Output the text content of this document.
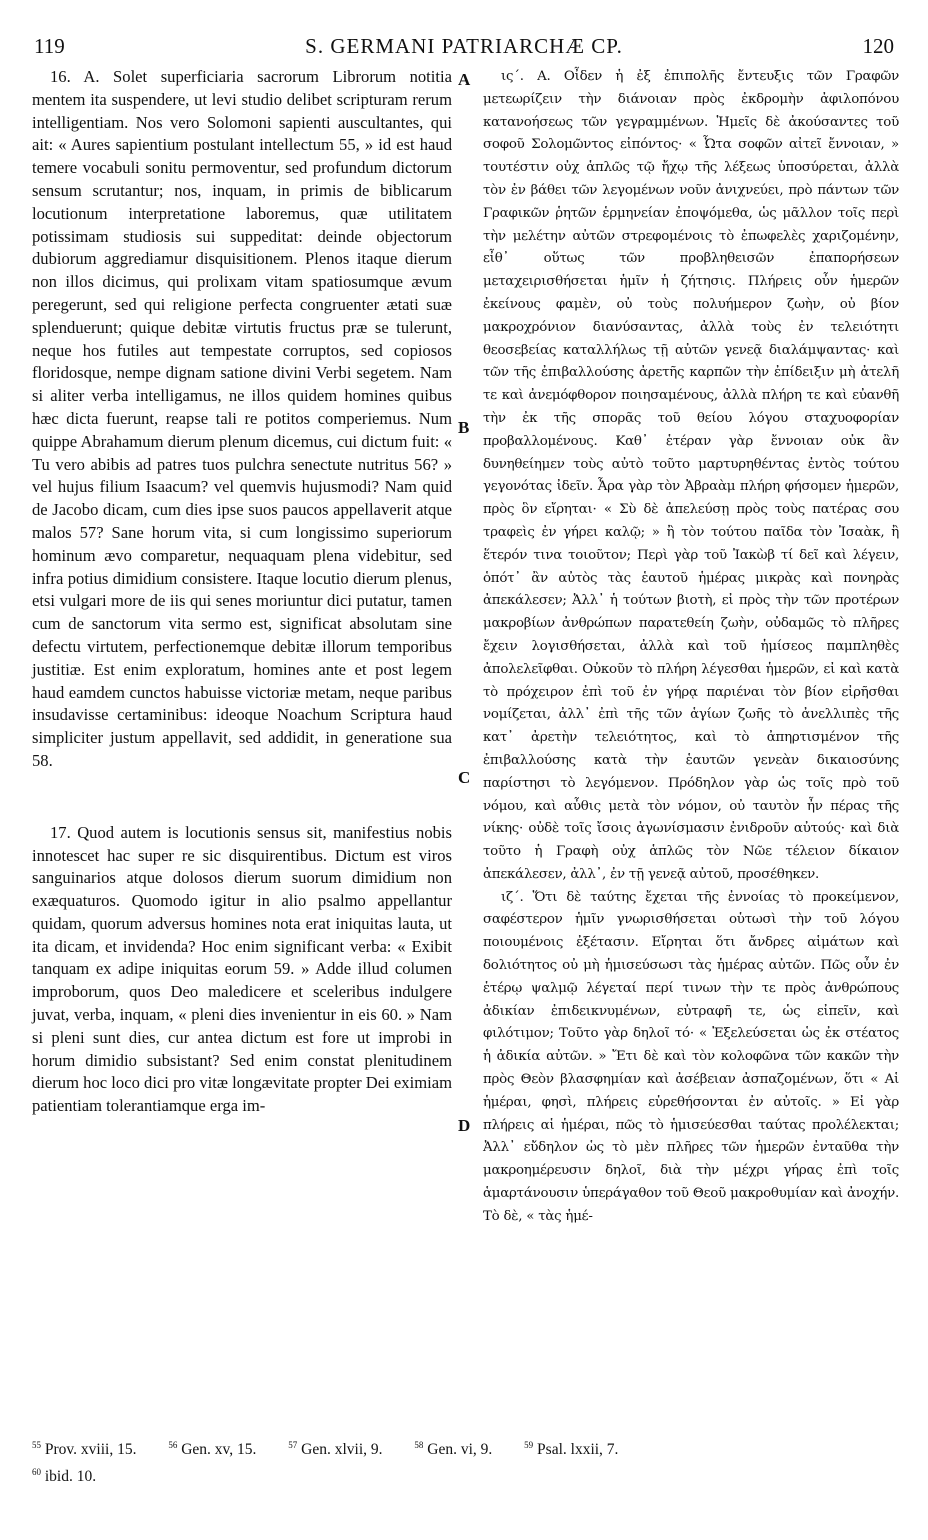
119	S. GERMANI PATRIARCHÆ CP.	120

16. A. Solet superficiaria sacrorum Librorum notitia mentem ita suspendere, ut levi studio delibet scripturam rerum intelligentiam. Nos vero Solomoni sapienti auscultantes, qui ait: « Aures sapientium postulant intellectum 55, » id est haud temere vocabuli sonitu permoventur, sed profundum dictorum sensum scrutantur; nos, inquam, in primis de biblicarum locutionum interpretatione laboremus, quæ utilitatem potissimam studiosis sui suppeditat: deinde objectorum dubiorum aggrediamur disquisitionem. Plenos itaque dierum non illos dicimus, qui prolixam vitam spatiosumque ævum peregerunt, sed qui religione perfecta congruenter ætati suæ splenduerunt; quique debitæ virtutis fructus præ se tulerunt, neque hos futiles aut tempestate corruptos, sed copiosos floridosque, nempe dignam satione divini Verbi segetem. Nam si aliter verba intelligamus, ne illos quidem homines quibus hæc dicta fuerunt, reapse tali re potitos comperiemus. Num quippe Abrahamum dierum plenum dicemus, cui dictum fuit: « Tu vero abibis ad patres tuos pulchra senectute nutritus 56? » vel hujus filium Isaacum? vel quemvis hujusmodi? Nam quid de Jacobo dicam, cum dies ipse suos paucos appellaverit atque malos 57? Sane horum vita, si cum longissimo superiorum hominum ævo comparetur, nequaquam plena videbitur, sed infra potius dimidium consistere. Itaque locutio dierum plenus, etsi vulgari more de iis qui senes moriuntur dici putatur, tamen cum de sanctorum vita sermo est, significat absolutam sine defectu virtutem, perfectionemque debitæ illorum temporibus justitiæ. Est enim exploratum, homines ante et post legem haud eamdem cunctos habuisse victoriæ metam, neque paribus insudavisse certaminibus: ideoque Noachum Scriptura haud simpliciter justum appellavit, sed addidit, in generatione sua 58.

17. Quod autem is locutionis sensus sit, manifestius nobis innotescet hac super re sic disquirentibus. Dictum est viros sanguinarios atque dolosos dierum suorum dimidium non exæquaturos. Quomodo igitur in alio psalmo appellantur quidam, quorum adversus homines nota erat iniquitas lauta, ut ita dicam, et invidenda? Hoc enim significant verba: « Exibit tanquam ex adipe iniquitas eorum 59. » Adde illud columen improborum, quos Deo maledicere et sceleribus indulgere juvat, verba, inquam, « pleni dies invenientur in eis 60. » Nam si pleni sunt dies, cur antea dictum est fore ut improbi in horum dimidio subsistant? Sed enim constat plenitudinem dierum hoc loco dici pro vitæ longævitate propter Dei eximiam patientiam tolerantiamque erga im-

A
B
C
D

ις΄. Α. Οἶδεν ἡ ἐξ ἐπιπολῆς ἔντευξις τῶν Γραφῶν μετεωρίζειν τὴν διάνοιαν πρὸς ἐκδρομὴν ἀφιλοπόνου κατανοήσεως τῶν γεγραμμένων. Ἡμεῖς δὲ ἀκούσαντες τοῦ σοφοῦ Σολομῶντος εἰπόντος· « Ὦτα σοφῶν αἰτεῖ ἔννοιαν, » τουτέστιν οὐχ ἁπλῶς τῷ ἤχῳ τῆς λέξεως ὑποσύρεται, ἀλλὰ τὸν ἐν βάθει τῶν λεγομένων νοῦν ἀνιχνεύει, πρὸ πάντων τῶν Γραφικῶν ῥητῶν ἑρμηνείαν ἐποψόμεθα, ὡς μᾶλλον τοῖς περὶ τὴν μελέτην αὐτῶν στρεφομένοις τὸ ἐπωφελὲς χαριζομένην, εἶθ᾽ οὕτως τῶν προβληθεισῶν ἐπαπορήσεων μεταχειρισθήσεται ἡμῖν ἡ ζήτησις. Πλήρεις οὖν ἡμερῶν ἐκείνους φαμὲν, οὐ τοὺς πολυήμερον ζωὴν, οὐ βίον μακροχρόνιον διανύσαντας, ἀλλὰ τοὺς ἐν τελειότητι θεοσεβείας καταλλήλως τῇ αὐτῶν γενεᾷ διαλάμψαντας· καὶ τῶν τῆς ἐπιβαλλούσης ἀρετῆς καρπῶν τὴν ἐπίδειξιν μὴ ἀτελῆ τε καὶ ἀνεμόφθορον ποιησαμένους, ἀλλὰ πλήρη τε καὶ εὐανθῆ τὴν ἐκ τῆς σπορᾶς τοῦ θείου λόγου σταχυοφορίαν προβαλλομένους. Καθ᾽ ἑτέραν γὰρ ἔννοιαν οὐκ ἂν δυνηθείημεν τοὺς αὐτὸ τοῦτο μαρτυρηθέντας ἐντὸς τούτου γεγονότας ἰδεῖν. Ἆρα γὰρ τὸν Ἀβραὰμ πλήρη φήσομεν ἡμερῶν, πρὸς ὃν εἴρηται· « Σὺ δὲ ἀπελεύσῃ πρὸς τοὺς πατέρας σου τραφεὶς ἐν γήρει καλῷ; » ἢ τὸν τούτου παῖδα τὸν Ἰσαὰκ, ἢ ἕτερόν τινα τοιοῦτον; Περὶ γὰρ τοῦ Ἰακὼβ τί δεῖ καὶ λέγειν, ὁπότ᾽ ἂν αὐτὸς τὰς ἑαυτοῦ ἡμέρας μικρὰς καὶ πονηρὰς ἀπεκάλεσεν; Ἀλλ᾽ ἡ τούτων βιοτὴ, εἰ πρὸς τὴν τῶν προτέρων μακροβίων ἀνθρώπων παρατεθείη ζωὴν, οὐδαμῶς τὸ πλῆρες ἔχειν λογισθήσεται, ἀλλὰ καὶ τοῦ ἡμίσεος παμπληθὲς ἀπολελεῖφθαι. Οὐκοῦν τὸ πλήρη λέγεσθαι ἡμερῶν, εἰ καὶ κατὰ τὸ πρόχειρον ἐπὶ τοῦ ἐν γήρᾳ παριέναι τὸν βίον εἰρῆσθαι νομίζεται, ἀλλ᾽ ἐπὶ τῆς τῶν ἁγίων ζωῆς τὸ ἀνελλιπὲς τῆς κατ᾽ ἀρετὴν τελειότητος, καὶ τὸ ἀπηρτισμένον τῆς ἐπιβαλλούσης κατὰ τὴν ἑαυτῶν γενεὰν δικαιοσύνης παρίστησι τὸ λεγόμενον. Πρόδηλον γὰρ ὡς τοῖς πρὸ τοῦ νόμου, καὶ αὖθις μετὰ τὸν νόμον, οὐ ταυτὸν ἦν πέρας τῆς νίκης· οὐδὲ τοῖς ἴσοις ἀγωνίσμασιν ἐνιδροῦν αὐτούς· καὶ διὰ τοῦτο ἡ Γραφὴ οὐχ ἁπλῶς τὸν Νῶε τέλειον δίκαιον ἀπεκάλεσεν, ἀλλ᾽, ἐν τῇ γενεᾷ αὐτοῦ, προσέθηκεν.

ιζ΄. Ὅτι δὲ ταύτης ἔχεται τῆς ἐννοίας τὸ προκείμενον, σαφέστερον ἡμῖν γνωρισθήσεται οὑτωσὶ τὴν τοῦ λόγου ποιουμένοις ἐξέτασιν. Εἴρηται ὅτι ἄνδρες αἱμάτων καὶ δολιότητος οὐ μὴ ἡμισεύσωσι τὰς ἡμέρας αὐτῶν. Πῶς οὖν ἐν ἑτέρῳ ψαλμῷ λέγεταί περί τινων τὴν τε πρὸς ἀνθρώπους ἀδικίαν ἐπιδεικνυμένων, εὐτραφῆ τε, ὡς εἰπεῖν, καὶ φιλότιμον; Τοῦτο γὰρ δηλοῖ τό· « Ἐξελεύσεται ὡς ἐκ στέατος ἡ ἀδικία αὐτῶν. » Ἔτι δὲ καὶ τὸν κολοφῶνα τῶν κακῶν τὴν πρὸς Θεὸν βλασφημίαν καὶ ἀσέβειαν ἀσπαζομένων, ὅτι « Αἱ ἡμέραι, φησὶ, πλήρεις εὑρεθήσονται ἐν αὐτοῖς. » Εἰ γὰρ πλήρεις αἱ ἡμέραι, πῶς τὸ ἡμισεύεσθαι ταύτας προλέλεκται; Ἀλλ᾽ εὔδηλον ὡς τὸ μὲν πλῆρες τῶν ἡμερῶν ἐνταῦθα τὴν μακροημέρευσιν δηλοῖ, διὰ τὴν μέχρι γήρας ἐπὶ τοῖς ἁμαρτάνουσιν ὑπεράγαθον τοῦ Θεοῦ μακροθυμίαν καὶ ἀνοχήν. Τὸ δὲ, « τὰς ἡμέ-

$^{55}$ Prov. xviii, 15.	$^{56}$ Gen. xv, 15.	$^{57}$ Gen. xlvii, 9.	$^{58}$ Gen. vi, 9.	$^{59}$ Psal. lxxii, 7.
$^{60}$ ibid. 10.
